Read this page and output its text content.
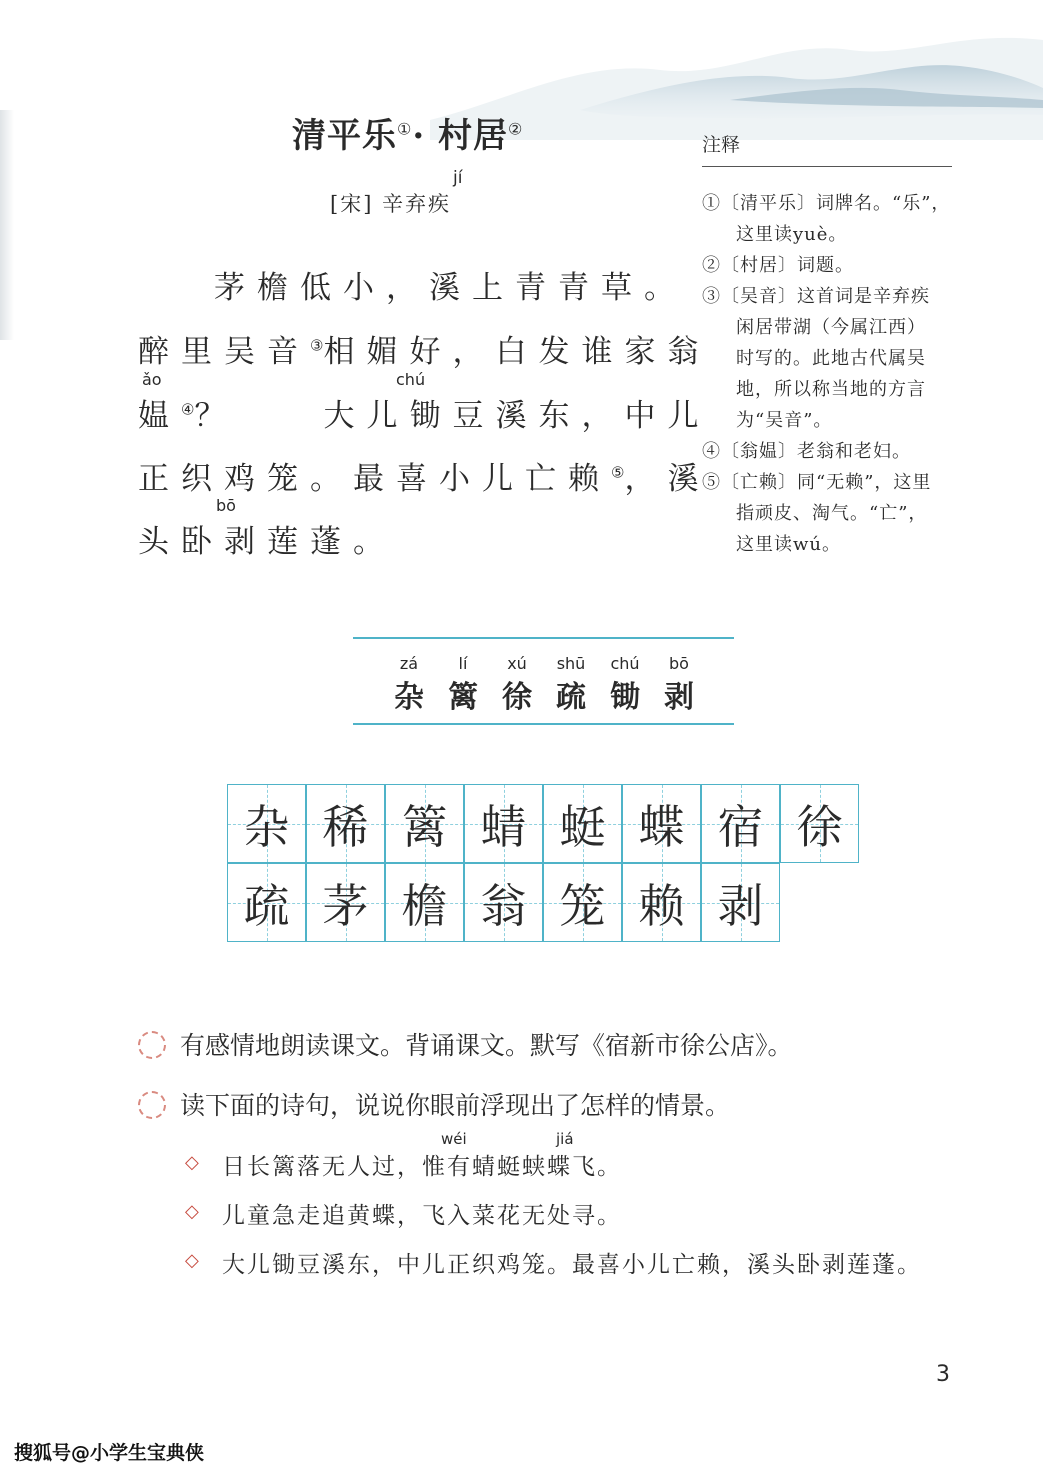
清平乐①· 村居②
jí
[宋] 辛弃疾
茅檐低小，溪上青青草。
醉里吴音③相媚好，白发谁家翁
ǎo	chú
媪④？　　大儿锄豆溪东，中儿
正织鸡笼。最喜小儿亡赖⑤，溪
bō
头卧剥莲蓬。
注释
①〔清平乐〕词牌名。“乐”，
这里读yuè。
②〔村居〕词题。
③〔吴音〕这首词是辛弃疾
闲居带湖（今属江西）
时写的。此地古代属吴
地，所以称当地的方言
为“吴音”。
④〔翁媪〕老翁和老妇。
⑤〔亡赖〕同“无赖”，这里
指顽皮、淘气。“亡”，
这里读wú。
zá
杂
lí
篱
xú
徐
shū
疏
chú
锄
bō
剥
杂 稀 篱 蜻 蜓 蝶 宿 徐
疏 茅 檐 翁 笼 赖 剥
有感情地朗读课文。背诵课文。默写《宿新市徐公店》。
读下面的诗句，说说你眼前浮现出了怎样的情景。
wéi	jiá
◇ 日长篱落无人过，惟有蜻蜓蛱蝶飞。
◇ 儿童急走追黄蝶，飞入菜花无处寻。
◇ 大儿锄豆溪东，中儿正织鸡笼。最喜小儿亡赖，溪头卧剥莲蓬。
3
搜狐号@小学生宝典侠
